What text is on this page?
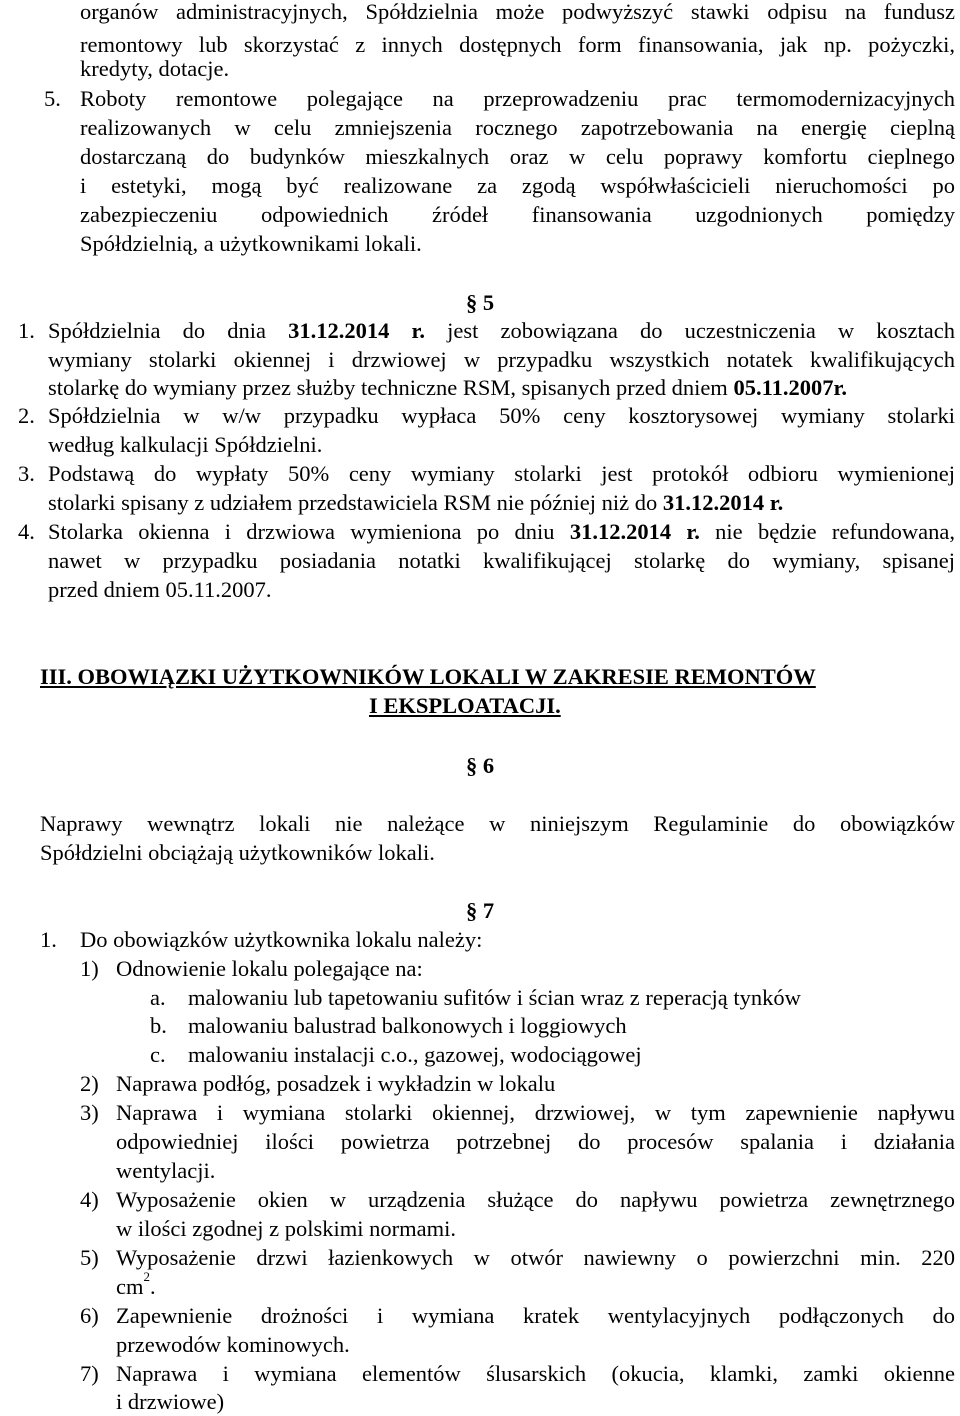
organów administracyjnych, Spółdzielnia może podwyższyć stawki odpisu na fundusz
remontowy lub skorzystać z innych dostępnych form finansowania, jak np. pożyczki,
kredyty, dotacje.
5. Roboty remontowe polegające na przeprowadzeniu prac termomodernizacyjnych
realizowanych w celu zmniejszenia rocznego zapotrzebowania na energię cieplną
dostarczaną do budynków mieszkalnych oraz w celu poprawy komfortu cieplnego
i estetyki, mogą być realizowane za zgodą współwłaścicieli nieruchomości po
zabezpieczeniu odpowiednich źródeł finansowania uzgodnionych pomiędzy
Spółdzielnią, a użytkownikami lokali.
§ 5
1. Spółdzielnia do dnia 31.12.2014 r. jest zobowiązana do uczestniczenia w kosztach
wymiany stolarki okiennej i drzwiowej w przypadku wszystkich notatek kwalifikujących
stolarkę do wymiany przez służby techniczne RSM, spisanych przed dniem 05.11.2007r.
2. Spółdzielnia w w/w przypadku wypłaca 50% ceny kosztorysowej wymiany stolarki
według kalkulacji Spółdzielni.
3. Podstawą do wypłaty 50% ceny wymiany stolarki jest protokół odbioru wymienionej
stolarki spisany z udziałem przedstawiciela RSM nie później niż do 31.12.2014 r.
4. Stolarka okienna i drzwiowa wymieniona po dniu 31.12.2014 r. nie będzie refundowana,
nawet w przypadku posiadania notatki kwalifikującej stolarkę do wymiany, spisanej
przed dniem 05.11.2007.
III. OBOWIĄZKI UŻYTKOWNIKÓW LOKALI W ZAKRESIE REMONTÓW
I EKSPLOATACJI.
§ 6
Naprawy wewnątrz lokali nie należące w niniejszym Regulaminie do obowiązków
Spółdzielni obciążają użytkowników lokali.
§ 7
1. Do obowiązków użytkownika lokalu należy:
1) Odnowienie lokalu polegające na:
a. malowaniu lub tapetowaniu sufitów i ścian wraz z reperacją tynków
b. malowaniu balustrad balkonowych i loggiowych
c. malowaniu instalacji c.o., gazowej, wodociągowej
2) Naprawa podłóg, posadzek i wykładzin w lokalu
3) Naprawa i wymiana stolarki okiennej, drzwiowej, w tym zapewnienie napływu
odpowiedniej ilości powietrza potrzebnej do procesów spalania i działania
wentylacji.
4) Wyposażenie okien w urządzenia służące do napływu powietrza zewnętrznego
w ilości zgodnej z polskimi normami.
5) Wyposażenie drzwi łazienkowych w otwór nawiewny o powierzchni min. 220
$cm^2$.
6) Zapewnienie drożności i wymiana kratek wentylacyjnych podłączonych do
przewodów kominowych.
7) Naprawa i wymiana elementów ślusarskich (okucia, klamki, zamki okienne
i drzwiowe)
